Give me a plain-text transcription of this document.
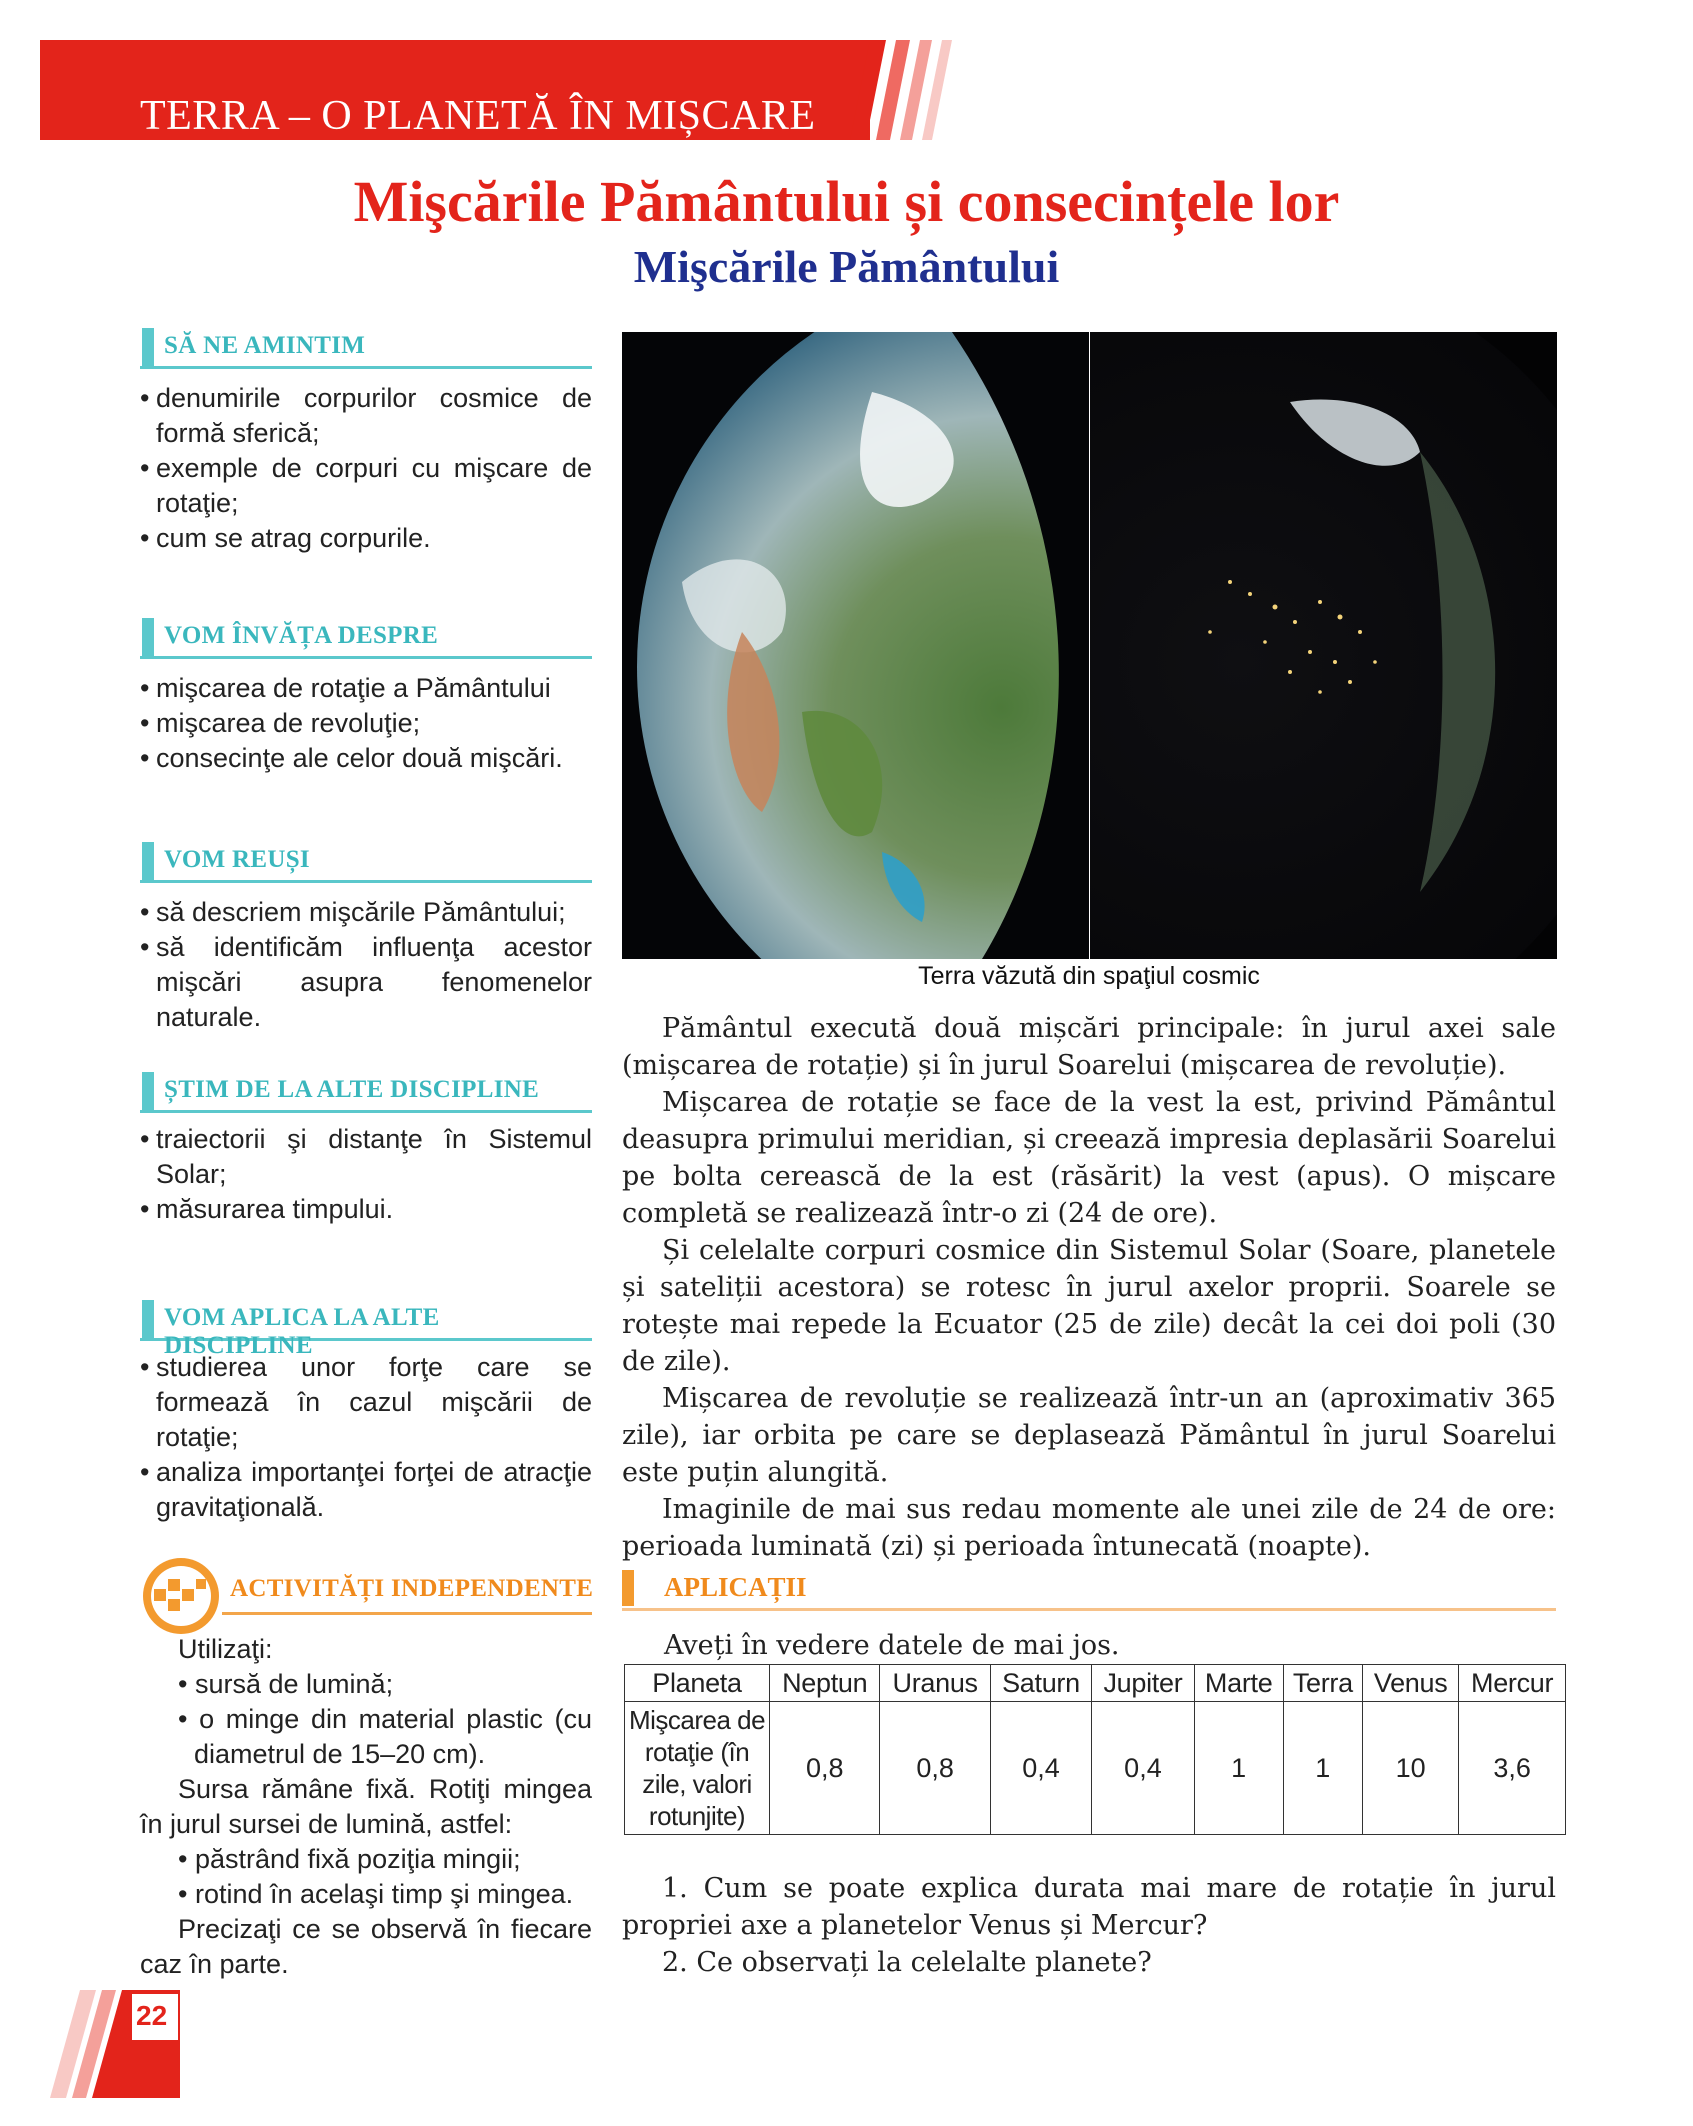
TERRA – O PLANETĂ ÎN MIȘCARE
Mişcările Pământului și consecințele lor
Mişcările Pământului
SĂ NE AMINTIM
• denumirile corpurilor cosmice de formă sferică;
• exemple de corpuri cu mişcare de rotaţie;
• cum se atrag corpurile.
VOM ÎNVĂȚA DESPRE
• mişcarea de rotaţie a Pământului
• mişcarea de revoluţie;
• consecinţe ale celor două mişcări.
VOM REUȘI
• să descriem mişcările Pământului;
• să identificăm influenţa acestor mişcări asupra fenomenelor naturale.
ȘTIM DE LA ALTE DISCIPLINE
• traiectorii şi distanţe în Sistemul Solar;
• măsurarea timpului.
VOM APLICA LA ALTE DISCIPLINE
• studierea unor forţe care se formează în cazul mişcării de rotaţie;
• analiza importanţei forţei de atracţie gravitaţională.
ACTIVITĂȚI INDEPENDENTE

Utilizaţi:

• sursă de lumină;

• o minge din material plastic (cu diametrul de 15–20 cm).

Sursa rămâne fixă. Rotiţi mingea în jurul sursei de lumină, astfel:

• păstrând fixă poziţia mingii;

• rotind în acelaşi timp şi mingea.

Precizaţi ce se observă în fiecare caz în parte.

Terra văzută din spaţiul cosmic

Pământul execută două mișcări principale: în jurul axei sale (mișcarea de rotație) și în jurul Soarelui (mișcarea de revoluție).

Mișcarea de rotație se face de la vest la est, privind Pământul deasupra primului meridian, și creează impresia deplasării Soarelui pe bolta cerească de la est (răsărit) la vest (apus). O mișcare completă se realizează într-o zi (24 de ore).

Și celelalte corpuri cosmice din Sistemul Solar (Soare, planetele și sateliții acestora) se rotesc în jurul axelor proprii. Soarele se rotește mai repede la Ecuator (25 de zile) decât la cei doi poli (30 de zile).

Mișcarea de revoluție se realizează într-un an (aproximativ 365 zile), iar orbita pe care se deplasează Pământul în jurul Soarelui este puțin alungită.

Imaginile de mai sus redau momente ale unei zile de 24 de ore: perioada luminată (zi) și perioada întunecată (noapte).

APLICAȚII
Aveți în vedere datele de mai jos.
Planeta	Neptun	Uranus	Saturn	Jupiter	Marte	Terra	Venus	Mercur
Mişcarea de rotaţie (în zile, valori rotunjite)	0,8	0,8	0,4	0,4	1	1	10	3,6

1. Cum se poate explica durata mai mare de rotație în jurul propriei axe a planetelor Venus și Mercur?

2. Ce observați la celelalte planete?

22
